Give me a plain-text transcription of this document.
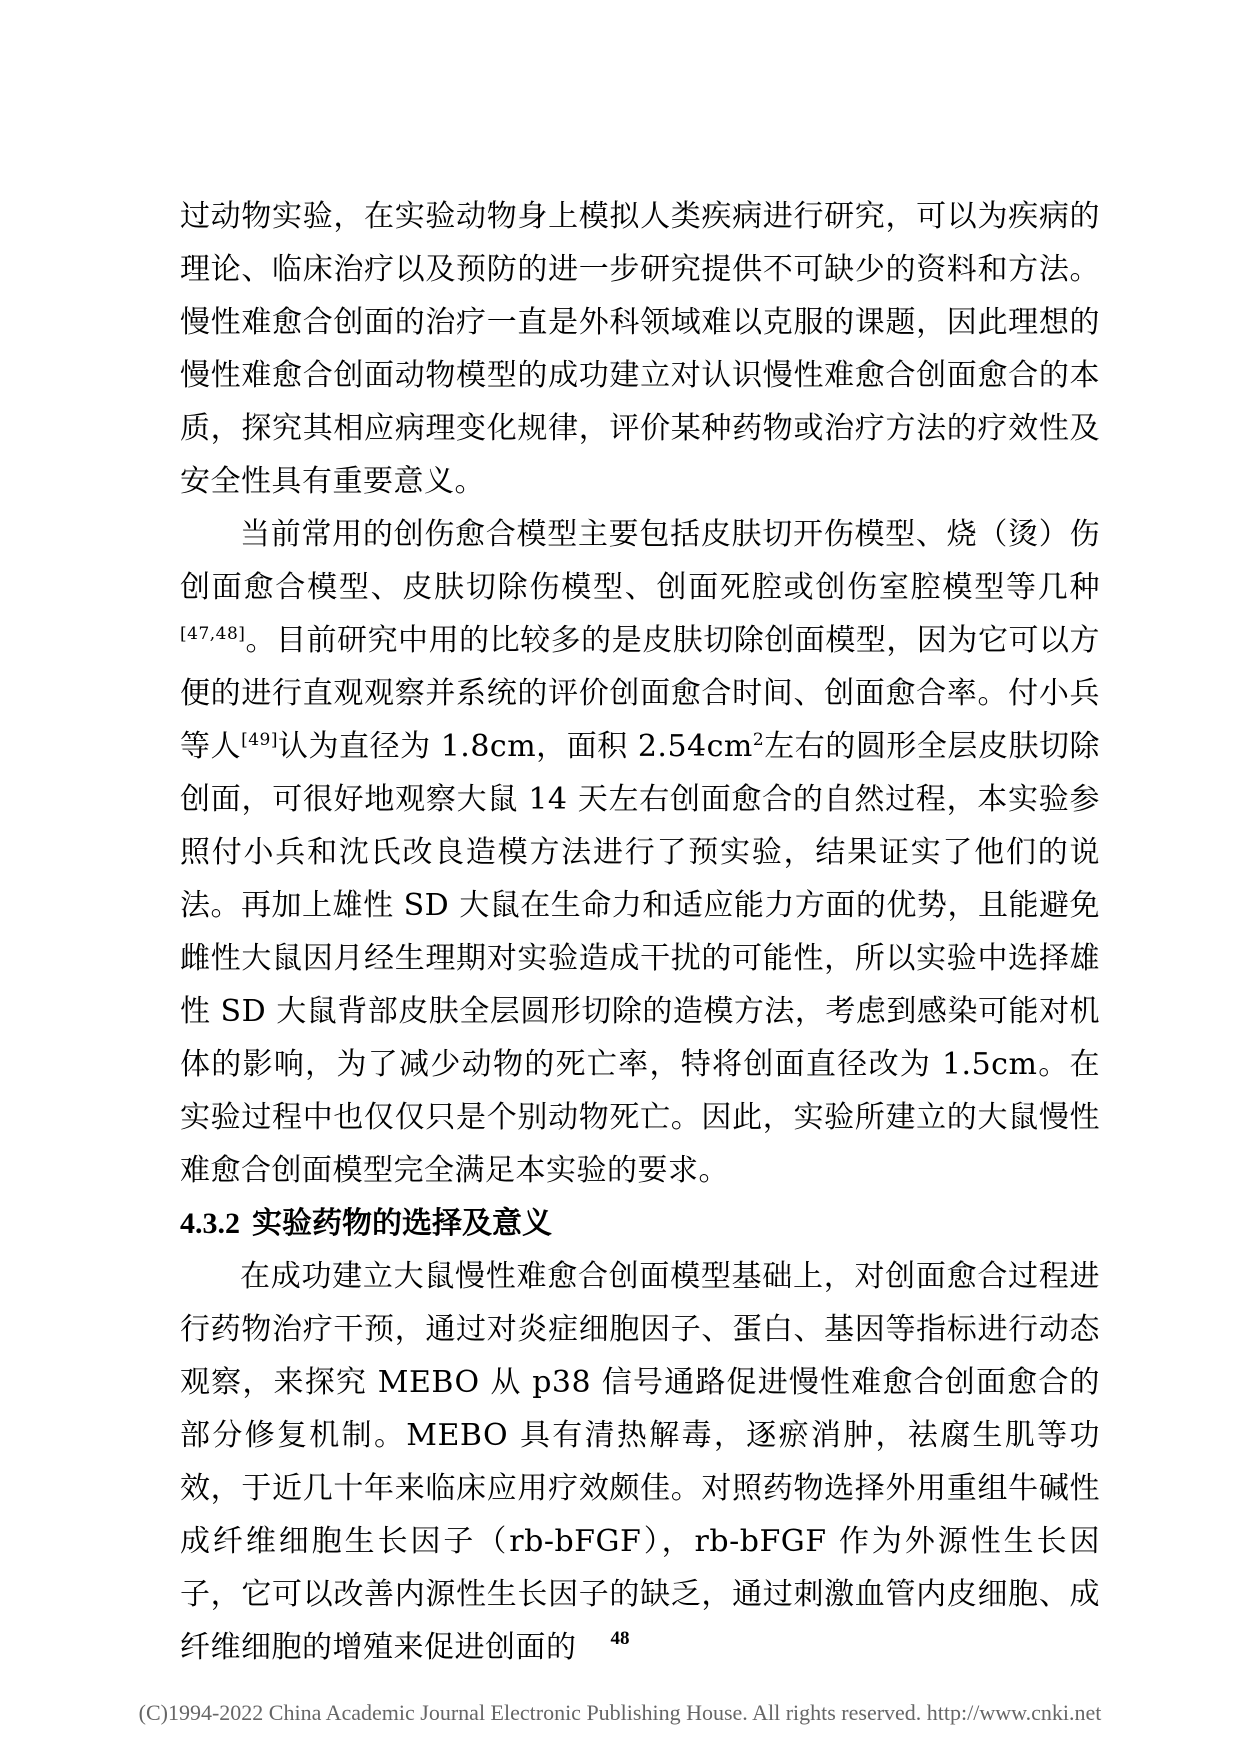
过动物实验，在实验动物身上模拟人类疾病进行研究，可以为疾病的理论、临床治疗以及预防的进一步研究提供不可缺少的资料和方法。慢性难愈合创面的治疗一直是外科领域难以克服的课题，因此理想的慢性难愈合创面动物模型的成功建立对认识慢性难愈合创面愈合的本质，探究其相应病理变化规律，评价某种药物或治疗方法的疗效性及安全性具有重要意义。

当前常用的创伤愈合模型主要包括皮肤切开伤模型、烧（烫）伤创面愈合模型、皮肤切除伤模型、创面死腔或创伤室腔模型等几种[47,48]。目前研究中用的比较多的是皮肤切除创面模型，因为它可以方便的进行直观观察并系统的评价创面愈合时间、创面愈合率。付小兵等人[49]认为直径为 1.8cm，面积 $2.54cm^2$左右的圆形全层皮肤切除创面，可很好地观察大鼠 14 天左右创面愈合的自然过程，本实验参照付小兵和沈氏改良造模方法进行了预实验，结果证实了他们的说法。再加上雄性 SD 大鼠在生命力和适应能力方面的优势，且能避免雌性大鼠因月经生理期对实验造成干扰的可能性，所以实验中选择雄性 SD 大鼠背部皮肤全层圆形切除的造模方法，考虑到感染可能对机体的影响，为了减少动物的死亡率，特将创面直径改为 1.5cm。在实验过程中也仅仅只是个别动物死亡。因此，实验所建立的大鼠慢性难愈合创面模型完全满足本实验的要求。

4.3.2 实验药物的选择及意义

在成功建立大鼠慢性难愈合创面模型基础上，对创面愈合过程进行药物治疗干预，通过对炎症细胞因子、蛋白、基因等指标进行动态观察，来探究 MEBO 从 p38 信号通路促进慢性难愈合创面愈合的部分修复机制。MEBO 具有清热解毒，逐瘀消肿，祛腐生肌等功效，于近几十年来临床应用疗效颇佳。对照药物选择外用重组牛碱性成纤维细胞生长因子（rb-bFGF），rb-bFGF 作为外源性生长因子，它可以改善内源性生长因子的缺乏，通过刺激血管内皮细胞、成纤维细胞的增殖来促进创面的	48
(C)1994-2022 China Academic Journal Electronic Publishing House. All rights reserved. http://www.cnki.net
